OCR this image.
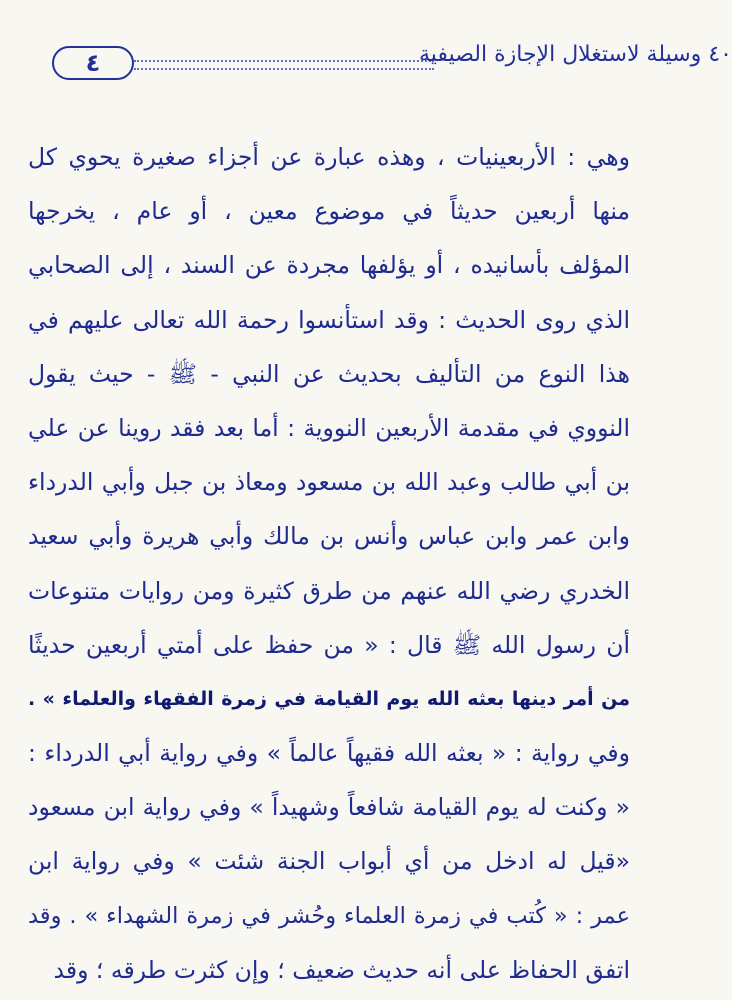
٤	٤٠ وسيلة لاستغلال الإجازة الصيفية
وهي : الأربعينيات ، وهذه عبارة عن أجزاء صغيرة يحوي كل
منها أربعين حديثاً في موضوع معين ، أو عام ، يخرجها
المؤلف بأسانيده ، أو يؤلفها مجردة عن السند ، إلى الصحابي
الذي روى الحديث : وقد استأنسوا رحمة الله تعالى عليهم في
هذا النوع من التأليف بحديث عن النبي - ﷺ - حيث يقول
النووي في مقدمة الأربعين النووية : أما بعد فقد روينا عن علي
بن أبي طالب وعبد الله بن مسعود ومعاذ بن جبل وأبي الدرداء
وابن عمر وابن عباس وأنس بن مالك وأبي هريرة وأبي سعيد
الخدري رضي الله عنهم من طرق كثيرة ومن روايات متنوعات
أن رسول الله ﷺ قال : « من حفظ على أمتي أربعين حديثًا
من أمر دينها بعثه الله يوم القيامة في زمرة الفقهاء والعلماء » .
وفي رواية : « بعثه الله فقيهاً عالماً » وفي رواية أبي الدرداء :
« وكنت له يوم القيامة شافعاً وشهيداً » وفي رواية ابن مسعود
«قيل له ادخل من أي أبواب الجنة شئت » وفي رواية ابن
عمر : « كُتب في زمرة العلماء وحُشر في زمرة الشهداء » . وقد
اتفق الحفاظ على أنه حديث ضعيف ؛ وإن كثرت طرقه ؛ وقد
